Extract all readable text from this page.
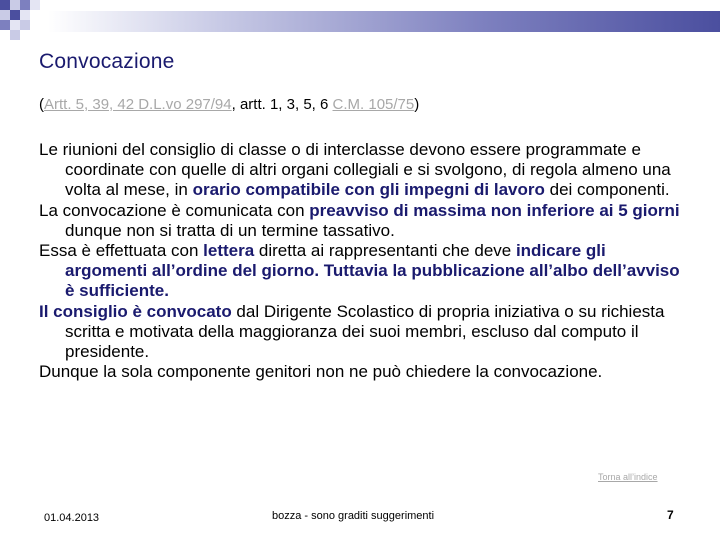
Convocazione
(Artt. 5, 39, 42 D.L.vo 297/94, artt. 1, 3, 5, 6 C.M. 105/75)

Le riunioni del consiglio di classe o di interclasse devono essere programmate e coordinate con quelle di altri organi collegiali e si svolgono, di regola almeno una volta al mese, in orario compatibile con gli impegni di lavoro dei componenti.

La convocazione è comunicata con preavviso di massima non inferiore ai 5 giorni dunque non si tratta di un termine tassativo.

Essa è effettuata con lettera diretta ai rappresentanti che deve indicare gli argomenti all’ordine del giorno. Tuttavia la pubblicazione all’albo dell’avviso è sufficiente.

Il consiglio è convocato dal Dirigente Scolastico di propria iniziativa o su richiesta scritta e motivata della maggioranza dei suoi membri, escluso dal computo il presidente.

Dunque la sola componente genitori non ne può chiedere la convocazione.

Torna all’indice
01.04.2013	bozza - sono graditi suggerimenti	7
